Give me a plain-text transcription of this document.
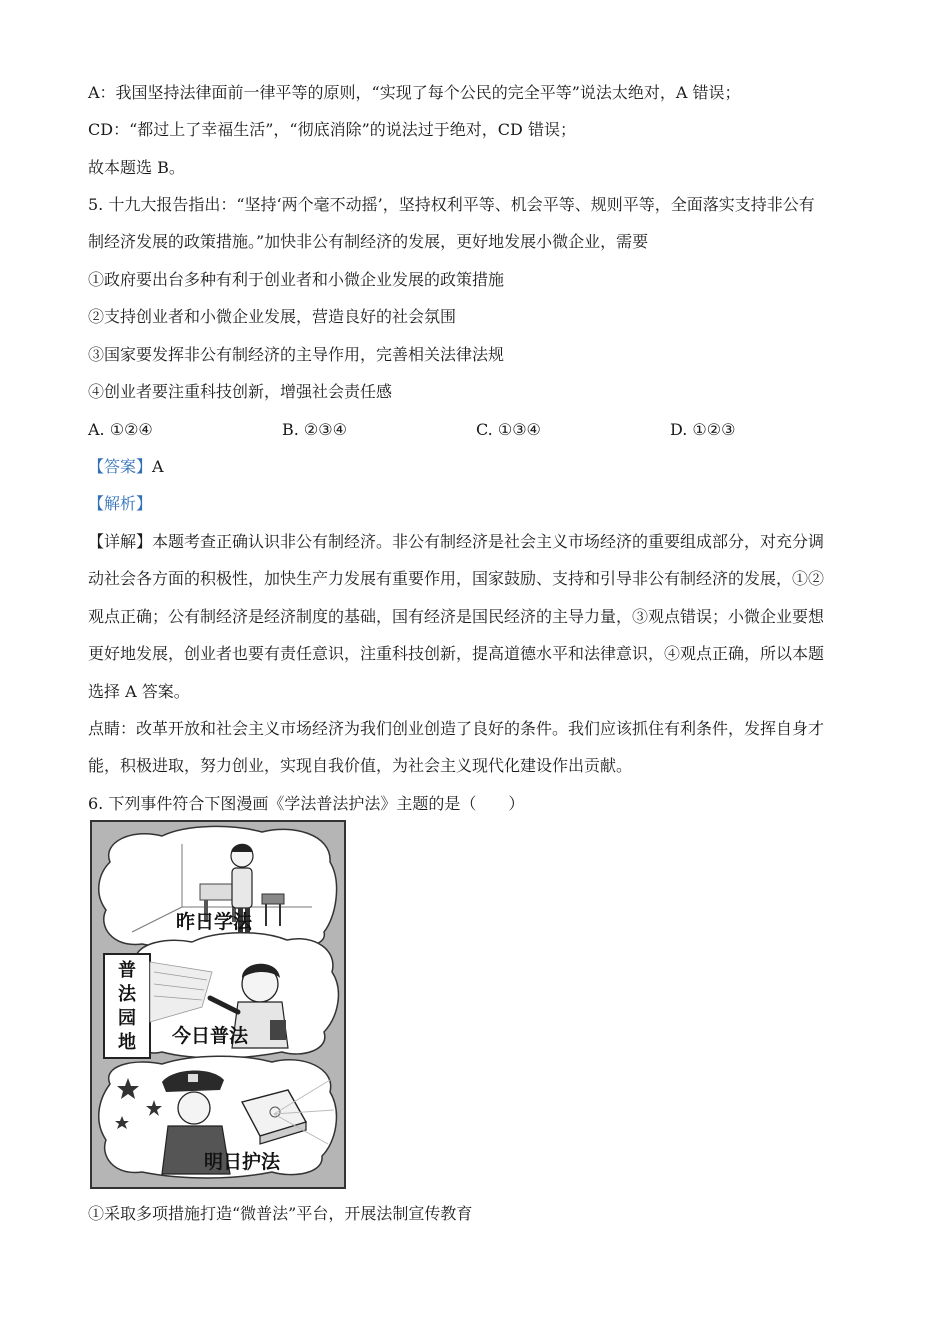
A：我国坚持法律面前一律平等的原则，“实现了每个公民的完全平等”说法太绝对，A 错误；
CD：“都过上了幸福生活”，“彻底消除”的说法过于绝对，CD 错误；
故本题选 B。
5. 十九大报告指出：“坚持‘两个毫不动摇’，坚持权利平等、机会平等、规则平等，全面落实支持非公有
制经济发展的政策措施。”加快非公有制经济的发展，更好地发展小微企业，需要
①政府要出台多种有利于创业者和小微企业发展的政策措施
②支持创业者和小微企业发展，营造良好的社会氛围
③国家要发挥非公有制经济的主导作用，完善相关法律法规
④创业者要注重科技创新，增强社会责任感
A. ①②④	B. ②③④	C. ①③④	D. ①②③
【答案】A
【解析】
【详解】本题考查正确认识非公有制经济。非公有制经济是社会主义市场经济的重要组成部分，对充分调
动社会各方面的积极性，加快生产力发展有重要作用，国家鼓励、支持和引导非公有制经济的发展，①②
观点正确；公有制经济是经济制度的基础，国有经济是国民经济的主导力量，③观点错误；小微企业要想
更好地发展，创业者也要有责任意识，注重科技创新，提高道德水平和法律意识，④观点正确，所以本题
选择 A 答案。
点睛：改革开放和社会主义市场经济为我们创业创造了良好的条件。我们应该抓住有利条件，发挥自身才
能，积极进取，努力创业，实现自我价值，为社会主义现代化建设作出贡献。
6. 下列事件符合下图漫画《学法普法护法》主题的是（　　）
昨日学法
普
法
园
地 今日普法
明日护法
①采取多项措施打造“微普法”平台，开展法制宣传教育
